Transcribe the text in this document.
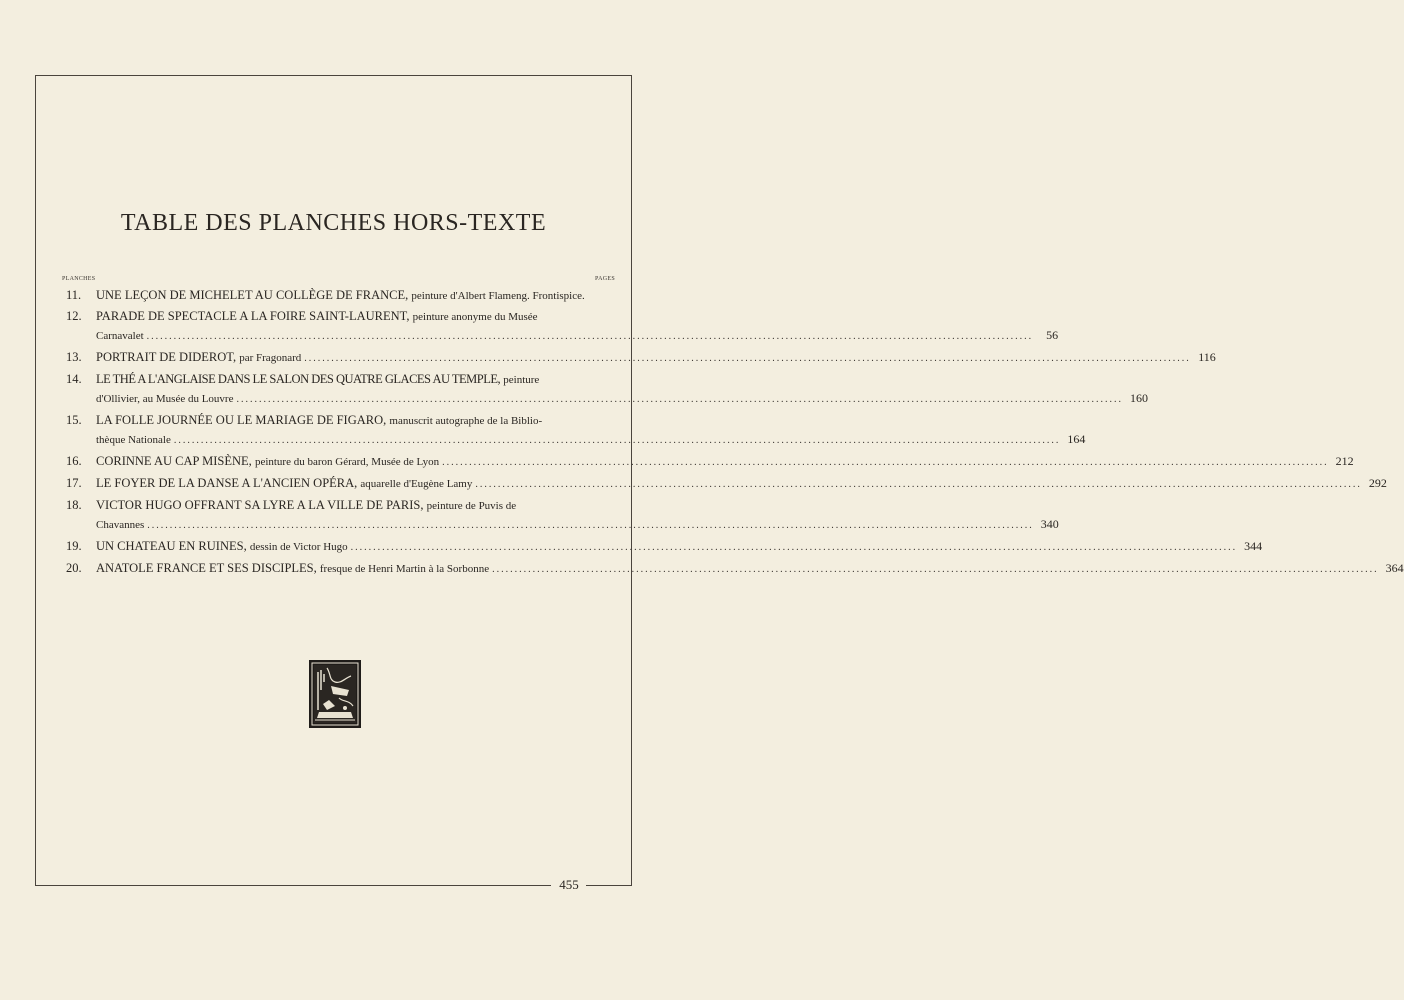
455
TABLE DES PLANCHES HORS-TEXTE
PLANCHES	PAGES
11.	UNE LEÇON DE MICHELET AU COLLÈGE DE FRANCE, peinture d'Albert Flameng. Frontispice.
12.	PARADE DE SPECTACLE A LA FOIRE SAINT-LAURENT, peinture anonyme du Musée
Carnavalet .....	56
13.	PORTRAIT DE DIDEROT,
par Fragonard .....	116
14.	LE THÉ A L'ANGLAISE DANS LE SALON DES QUATRE GLACES AU TEMPLE, peinture
d'Ollivier, au Musée du Louvre .....	160
15.	LA FOLLE JOURNÉE OU LE MARIAGE DE FIGARO, manuscrit autographe de la Biblio-
thèque Nationale .....	164
16.	CORINNE AU CAP MISÈNE,
peinture du baron Gérard, Musée de Lyon .....	212
17.	LE FOYER DE LA DANSE A L'ANCIEN OPÉRA,
aquarelle d'Eugène Lamy .....	292
18.	VICTOR HUGO OFFRANT SA LYRE A LA VILLE DE PARIS, peinture de Puvis de
Chavannes .....	340
19.	UN CHATEAU EN RUINES,
dessin de Victor Hugo .....	344
20.	ANATOLE FRANCE ET SES DISCIPLES,
fresque de Henri Martin à la Sorbonne .....	364
